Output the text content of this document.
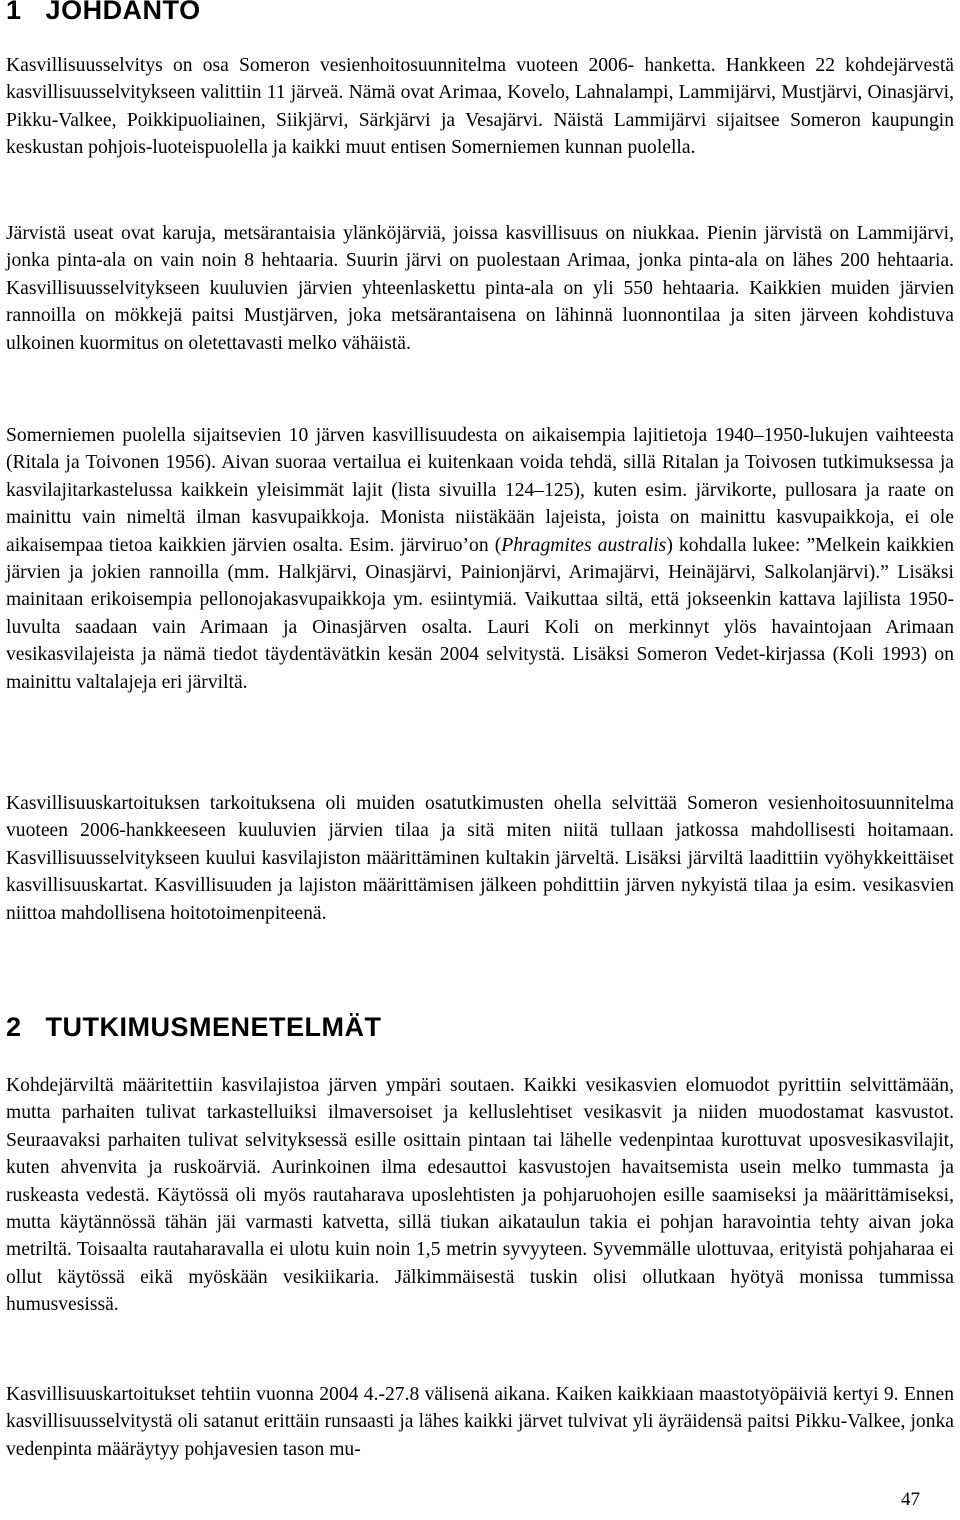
1 JOHDANTO

Kasvillisuusselvitys on osa Someron vesienhoitosuunnitelma vuoteen 2006- hanketta. Hankkeen 22 kohdejärvestä kasvillisuusselvitykseen valittiin 11 järveä. Nämä ovat Arimaa, Kovelo, Lahnalampi, Lammijärvi, Mustjärvi, Oinasjärvi, Pikku-Valkee, Poikkipuoliainen, Siikjärvi, Särkjärvi ja Vesajärvi. Näistä Lammijärvi sijaitsee Someron kaupungin keskustan pohjois-luoteispuolella ja kaikki muut entisen Somerniemen kunnan puolella.

Järvistä useat ovat karuja, metsärantaisia ylänköjärviä, joissa kasvillisuus on niukkaa. Pienin järvistä on Lammijärvi, jonka pinta-ala on vain noin 8 hehtaaria. Suurin järvi on puolestaan Arimaa, jonka pinta-ala on lähes 200 hehtaaria. Kasvillisuusselvitykseen kuuluvien järvien yhteenlaskettu pinta-ala on yli 550 hehtaaria. Kaikkien muiden järvien rannoilla on mökkejä paitsi Mustjärven, joka metsärantaisena on lähinnä luonnontilaa ja siten järveen kohdistuva ulkoinen kuormitus on oletettavasti melko vähäistä.

Somerniemen puolella sijaitsevien 10 järven kasvillisuudesta on aikaisempia lajitietoja 1940–1950-lukujen vaihteesta (Ritala ja Toivonen 1956). Aivan suoraa vertailua ei kuitenkaan voida tehdä, sillä Ritalan ja Toivosen tutkimuksessa ja kasvilajitarkastelussa kaikkein yleisimmät lajit (lista sivuilla 124–125), kuten esim. järvikorte, pullosara ja raate on mainittu vain nimeltä ilman kasvupaikkoja. Monista niistäkään lajeista, joista on mainittu kasvupaikkoja, ei ole aikaisempaa tietoa kaikkien järvien osalta. Esim. järviruo’on (Phragmites australis) kohdalla lukee: ”Melkein kaikkien järvien ja jokien rannoilla (mm. Halkjärvi, Oinasjärvi, Painionjärvi, Arimajärvi, Heinäjärvi, Salkolanjärvi).” Lisäksi mainitaan erikoisempia pellonojakasvupaikkoja ym. esiintymiä. Vaikuttaa siltä, että jokseenkin kattava lajilista 1950-luvulta saadaan vain Arimaan ja Oinasjärven osalta. Lauri Koli on merkinnyt ylös havaintojaan Arimaan vesikasvilajeista ja nämä tiedot täydentävätkin kesän 2004 selvitystä. Lisäksi Someron Vedet-kirjassa (Koli 1993) on mainittu valtalajeja eri järviltä.

Kasvillisuuskartoituksen tarkoituksena oli muiden osatutkimusten ohella selvittää Someron vesienhoitosuunnitelma vuoteen 2006-hankkeeseen kuuluvien järvien tilaa ja sitä miten niitä tullaan jatkossa mahdollisesti hoitamaan. Kasvillisuusselvitykseen kuului kasvilajiston määrittäminen kultakin järveltä. Lisäksi järviltä laadittiin vyöhykkeittäiset kasvillisuuskartat. Kasvillisuuden ja lajiston määrittämisen jälkeen pohdittiin järven nykyistä tilaa ja esim. vesikasvien niittoa mahdollisena hoitotoimenpiteenä.

2 TUTKIMUSMENETELMÄT

Kohdejärviltä määritettiin kasvilajistoa järven ympäri soutaen. Kaikki vesikasvien elomuodot pyrittiin selvittämään, mutta parhaiten tulivat tarkastelluiksi ilmaversoiset ja kelluslehtiset vesikasvit ja niiden muodostamat kasvustot. Seuraavaksi parhaiten tulivat selvityksessä esille osittain pintaan tai lähelle vedenpintaa kurottuvat uposvesikasvilajit, kuten ahvenvita ja ruskoärviä. Aurinkoinen ilma edesauttoi kasvustojen havaitsemista usein melko tummasta ja ruskeasta vedestä. Käytössä oli myös rautaharava uposlehtisten ja pohjaruohojen esille saamiseksi ja määrittämiseksi, mutta käytännössä tähän jäi varmasti katvetta, sillä tiukan aikataulun takia ei pohjan haravointia tehty aivan joka metriltä. Toisaalta rautaharavalla ei ulotu kuin noin 1,5 metrin syvyyteen. Syvemmälle ulottuvaa, erityistä pohjaharaa ei ollut käytössä eikä myöskään vesikiikaria. Jälkimmäisestä tuskin olisi ollutkaan hyötyä monissa tummissa humusvesissä.

Kasvillisuuskartoitukset tehtiin vuonna 2004 4.-27.8 välisenä aikana. Kaiken kaikkiaan maastotyöpäiviä kertyi 9. Ennen kasvillisuusselvitystä oli satanut erittäin runsaasti ja lähes kaikki järvet tulvivat yli äyräidensä paitsi Pikku-Valkee, jonka vedenpinta määräytyy pohjavesien tason mu-

47
